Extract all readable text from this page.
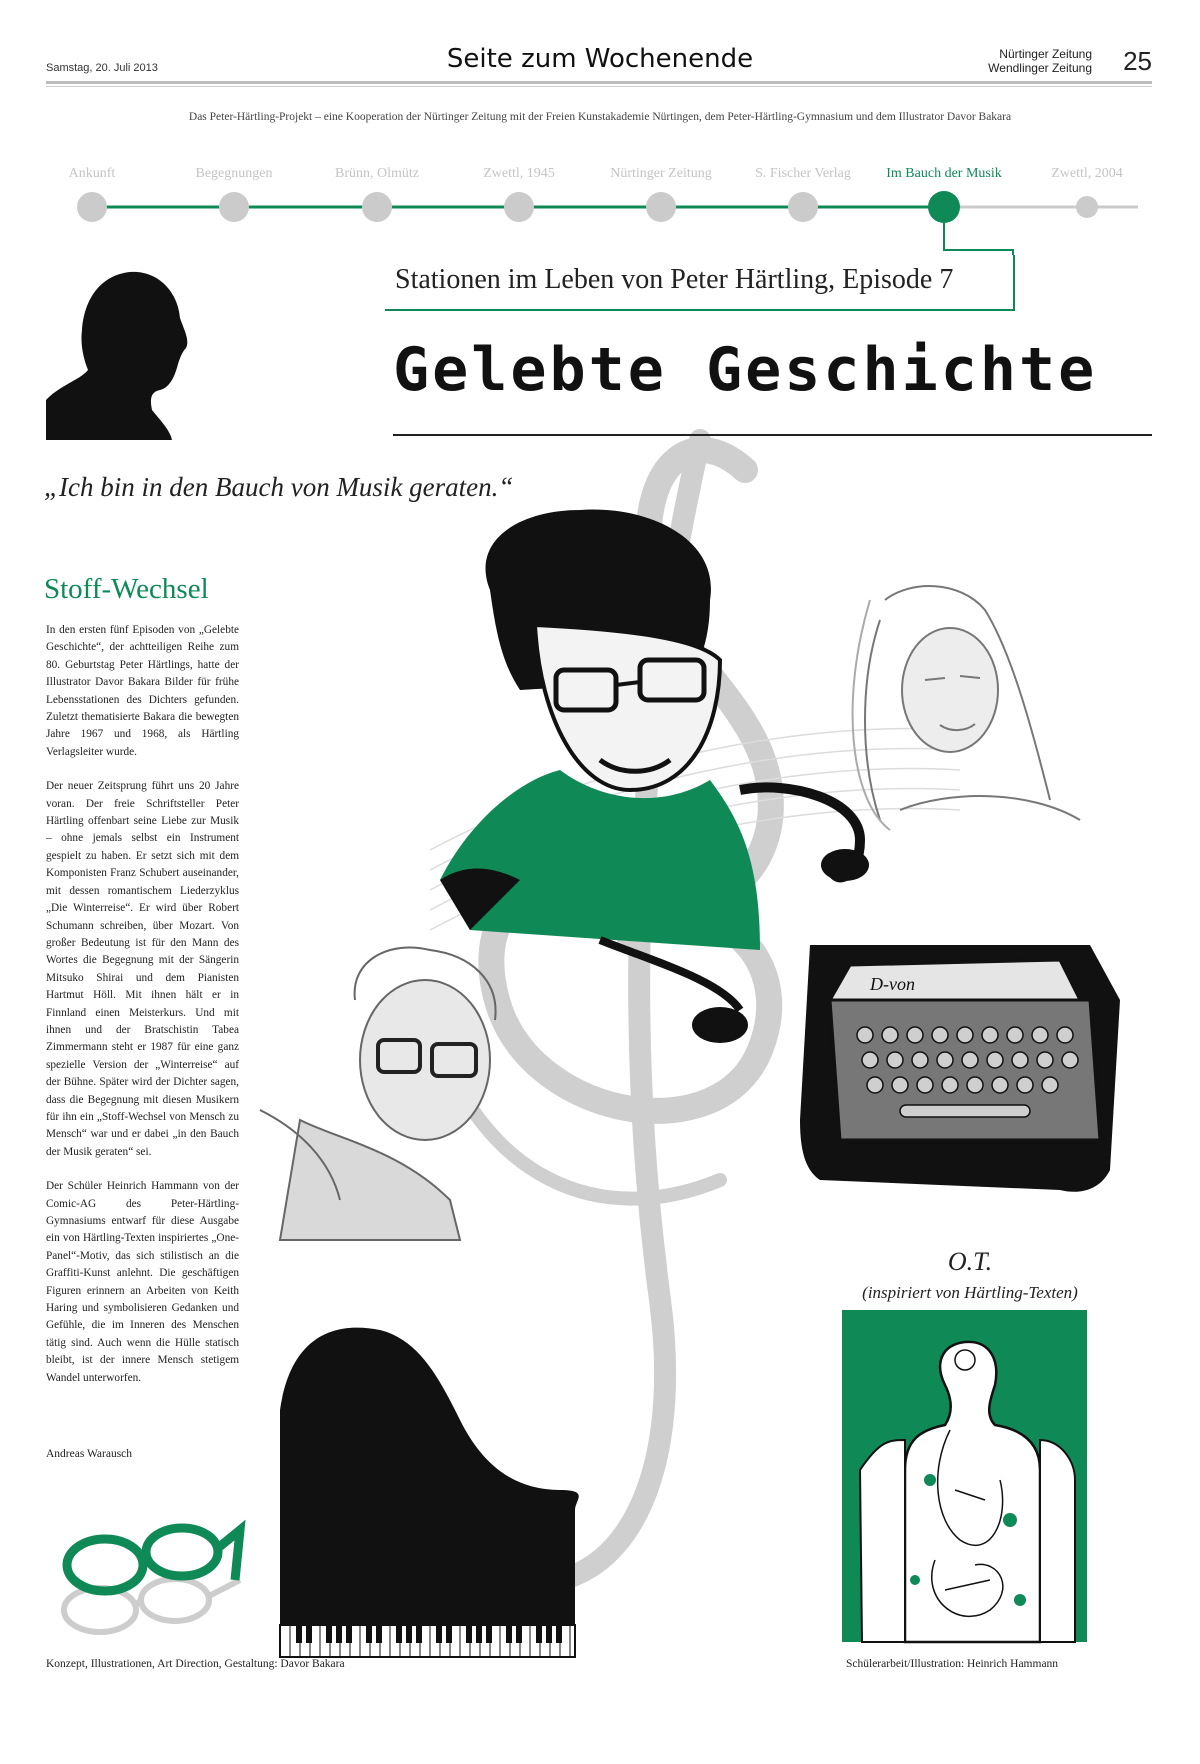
Samstag, 20. Juli 2013	Seite zum Wochenende	Nürtinger Zeitung
Wendlinger Zeitung 25
Das Peter-Härtling-Projekt – eine Kooperation der Nürtinger Zeitung mit der Freien Kunstakademie Nürtingen, dem Peter-Härtling-Gymnasium und dem Illustrator Davor Bakara
D-von
Ankunft	Begegnungen	Brünn, Olmütz	Zwettl, 1945	Nürtinger Zeitung	S. Fischer Verlag	Im Bauch der Musik	Zwettl, 2004
Stationen im Leben von Peter Härtling, Episode 7
Gelebte Geschichte
„Ich bin in den Bauch von Musik geraten.“
Stoff-Wechsel

In den ersten fünf Episoden von „Gelebte Geschichte“, der achtteiligen Reihe zum 80. Geburtstag Peter Härtlings, hatte der Illustrator Davor Bakara Bilder für frühe Lebensstationen des Dichters gefunden. Zuletzt thematisierte Bakara die bewegten Jahre 1967 und 1968, als Härtling Verlagsleiter wurde.

Der neuer Zeitsprung führt uns 20 Jahre voran. Der freie Schriftsteller Peter Härtling offenbart seine Liebe zur Musik – ohne jemals selbst ein Instrument gespielt zu haben. Er setzt sich mit dem Komponisten Franz Schubert auseinander, mit dessen romantischem Liederzyklus „Die Winterreise“. Er wird über Robert Schumann schreiben, über Mozart. Von großer Bedeutung ist für den Mann des Wortes die Begegnung mit der Sängerin Mitsuko Shirai und dem Pianisten Hartmut Höll. Mit ihnen hält er in Finnland einen Meisterkurs. Und mit ihnen und der Bratschistin Tabea Zimmermann steht er 1987 für eine ganz spezielle Version der „Winterreise“ auf der Bühne. Später wird der Dichter sagen, dass die Begegnung mit diesen Musikern für ihn ein „Stoff-Wechsel von Mensch zu Mensch“ war und er dabei „in den Bauch der Musik geraten“ sei.

Der Schüler Heinrich Hammann von der Comic-AG des Peter-Härtling-Gymnasiums entwarf für diese Ausgabe ein von Härtling-Texten inspiriertes „One-Panel“-Motiv, das sich stilistisch an die Graffiti-Kunst anlehnt. Die geschäftigen Figuren erinnern an Arbeiten von Keith Haring und symbolisieren Gedanken und Gefühle, die im Inneren des Menschen tätig sind. Auch wenn die Hülle statisch bleibt, ist der innere Mensch stetigem Wandel unterworfen.

Andreas Warausch
O.T.
(inspiriert von Härtling-Texten)
Konzept, Illustrationen, Art Direction, Gestaltung: Davor Bakara	Schülerarbeit/Illustration: Heinrich Hammann
